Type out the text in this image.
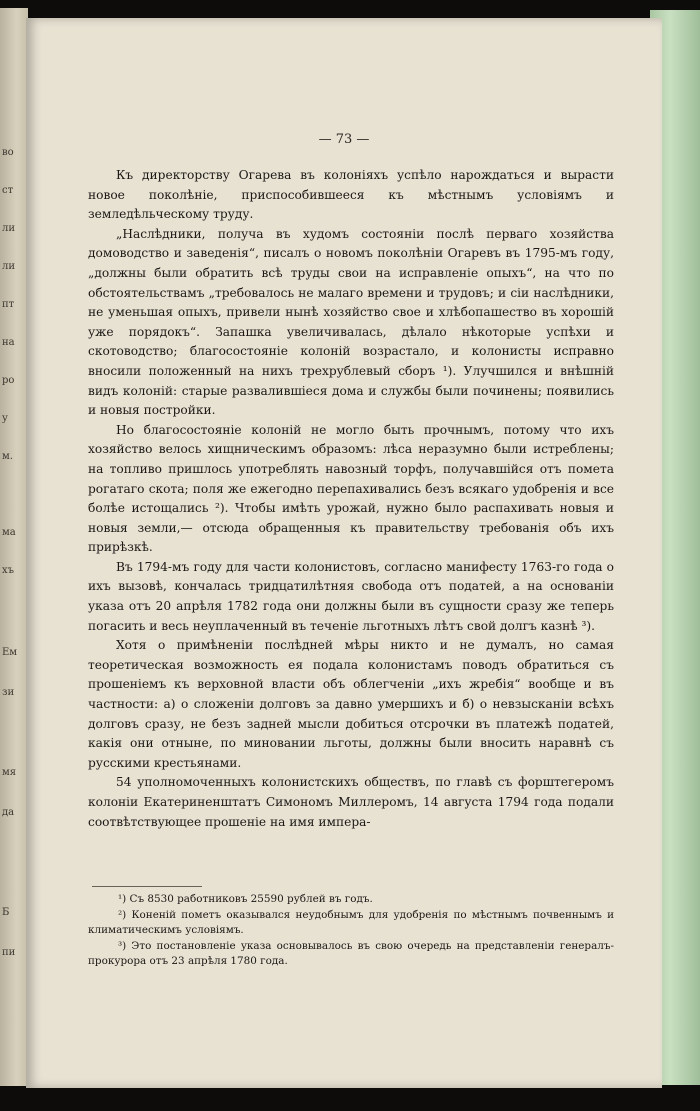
во
ст
ли
ли
пт
на
ро
у
м.
ма
хъ
Ем
зи
мя
да
Б
пи
— 73 —

Къ директорству Огарева въ колоніяхъ успѣло нарождаться и вырасти новое поколѣніе, приспособившееся къ мѣстнымъ условіямъ и земледѣльческому труду.

„Наслѣдники, получа въ худомъ состояніи послѣ перваго хозяйства домоводство и заведенія“, писалъ о новомъ поколѣніи Огаревъ въ 1795-мъ году, „должны были обратить всѣ труды свои на исправленіе опыхъ“, на что по обстоятельствамъ „требовалось не малаго времени и трудовъ; и сіи наслѣдники, не уменьшая опыхъ, привели нынѣ хозяйство свое и хлѣбопашество въ хорошій уже порядокъ“. Запашка увеличивалась, дѣлало нѣкоторые успѣхи и скотоводство; благосостояніе колоній возрастало, и колонисты исправно вносили положенный на нихъ трехрублевый сборъ ¹). Улучшился и внѣшній видъ колоній: старые развалившіеся дома и службы были починены; появились и новыя постройки.

Но благосостояніе колоній не могло быть прочнымъ, потому что ихъ хозяйство велось хищническимъ образомъ: лѣса неразумно были истреблены; на топливо пришлось употреблять навозный торфъ, получавшійся отъ помета рогатаго скота; поля же ежегодно перепахивались безъ всякаго удобренія и все болѣе истощались ²). Чтобы имѣть урожай, нужно было распахивать новыя и новыя земли,— отсюда обращенныя къ правительству требованія объ ихъ прирѣзкѣ.

Въ 1794-мъ году для части колонистовъ, согласно манифесту 1763-го года о ихъ вызовѣ, кончалась тридцатилѣтняя свобода отъ податей, а на основаніи указа отъ 20 апрѣля 1782 года они должны были въ сущности сразу же теперь погасить и весь неуплаченный въ теченіе льготныхъ лѣтъ свой долгъ казнѣ ³).

Хотя о примѣненіи послѣдней мѣры никто и не думалъ, но самая теоретическая возможность ея подала колонистамъ поводъ обратиться съ прошеніемъ къ верховной власти объ облегченіи „ихъ жребія“ вообще и въ частности: а) о сложеніи долговъ за давно умершихъ и б) о невзысканіи всѣхъ долговъ сразу, не безъ задней мысли добиться отсрочки въ платежѣ податей, какія они отныне, по миновании льготы, должны были вносить наравнѣ съ русскими крестьянами.

54 уполномоченныхъ колонистскихъ обществъ, по главѣ съ форштегеромъ колоніи Екатериненштатъ Симономъ Миллеромъ, 14 августа 1794 года подали соотвѣтствующее прошеніе на имя импера-

¹) Съ 8530 работниковъ 25590 рублей въ годъ.

²) Коненій пометъ оказывался неудобнымъ для удобренія по мѣстнымъ почвеннымъ и климатическимъ условіямъ.

³) Это постановленіе указа основывалось въ свою очередь на представленіи генералъ-прокурора отъ 23 апрѣля 1780 года.
